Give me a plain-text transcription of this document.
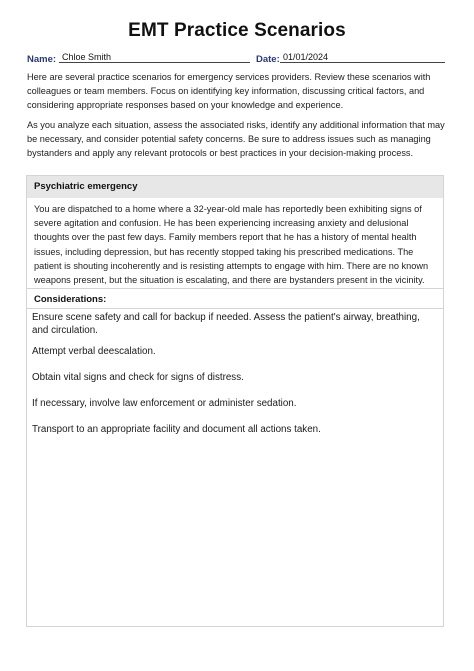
EMT Practice Scenarios
Name: Chloe Smith	Date: 01/01/2024

Here are several practice scenarios for emergency services providers. Review these scenarios with colleagues or team members. Focus on identifying key information, discussing critical factors, and considering appropriate responses based on your knowledge and experience.

As you analyze each situation, assess the associated risks, identify any additional information that may be necessary, and consider potential safety concerns. Be sure to address issues such as managing bystanders and apply any relevant protocols or best practices in your decision-making process.

Psychiatric emergency

You are dispatched to a home where a 32-year-old male has reportedly been exhibiting signs of severe agitation and confusion. He has been experiencing increasing anxiety and delusional thoughts over the past few days. Family members report that he has a history of mental health issues, including depression, but has recently stopped taking his prescribed medications. The patient is shouting incoherently and is resisting attempts to engage with him. There are no known weapons present, but the situation is escalating, and there are bystanders present in the vicinity.

Considerations:
Ensure scene safety and call for backup if needed. Assess the patient's airway, breathing, and circulation.
Attempt verbal deescalation.
Obtain vital signs and check for signs of distress.
If necessary, involve law enforcement or administer sedation.
Transport to an appropriate facility and document all actions taken.
